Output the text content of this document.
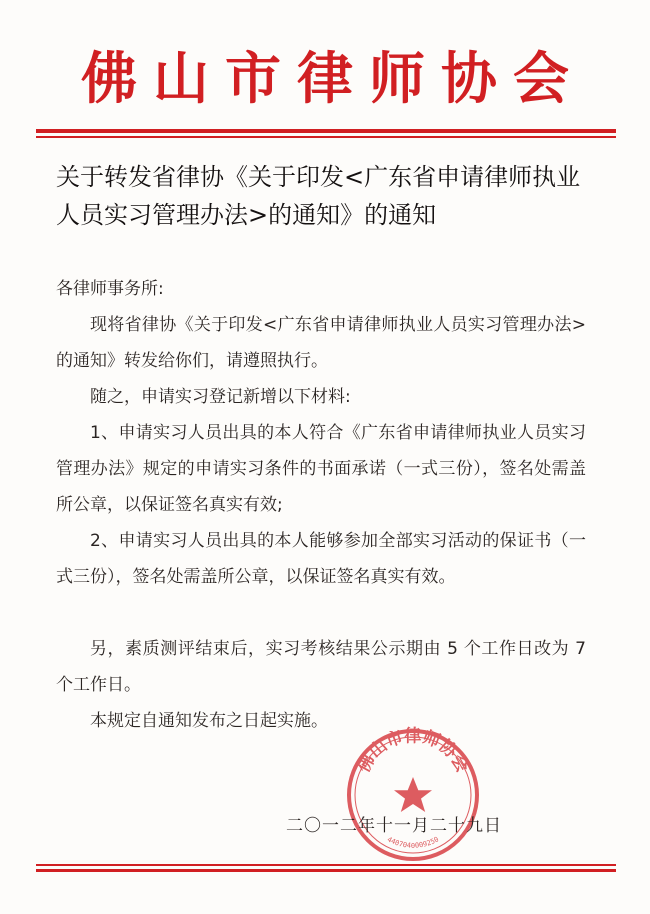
佛山市律师协会
关于转发省律协《关于印发<广东省申请律师执业人员实习管理办法>的通知》的通知

各律师事务所:

现将省律协《关于印发<广东省申请律师执业人员实习管理办法>的通知》转发给你们，请遵照执行。

随之，申请实习登记新增以下材料:

1、申请实习人员出具的本人符合《广东省申请律师执业人员实习管理办法》规定的申请实习条件的书面承诺（一式三份），签名处需盖所公章，以保证签名真实有效;

2、申请实习人员出具的本人能够参加全部实习活动的保证书（一式三份），签名处需盖所公章，以保证签名真实有效。

另，素质测评结束后，实习考核结果公示期由 5 个工作日改为 7 个工作日。

本规定自通知发布之日起实施。

佛山市律师协会
4407040009250
二〇一二年十一月二十九日
